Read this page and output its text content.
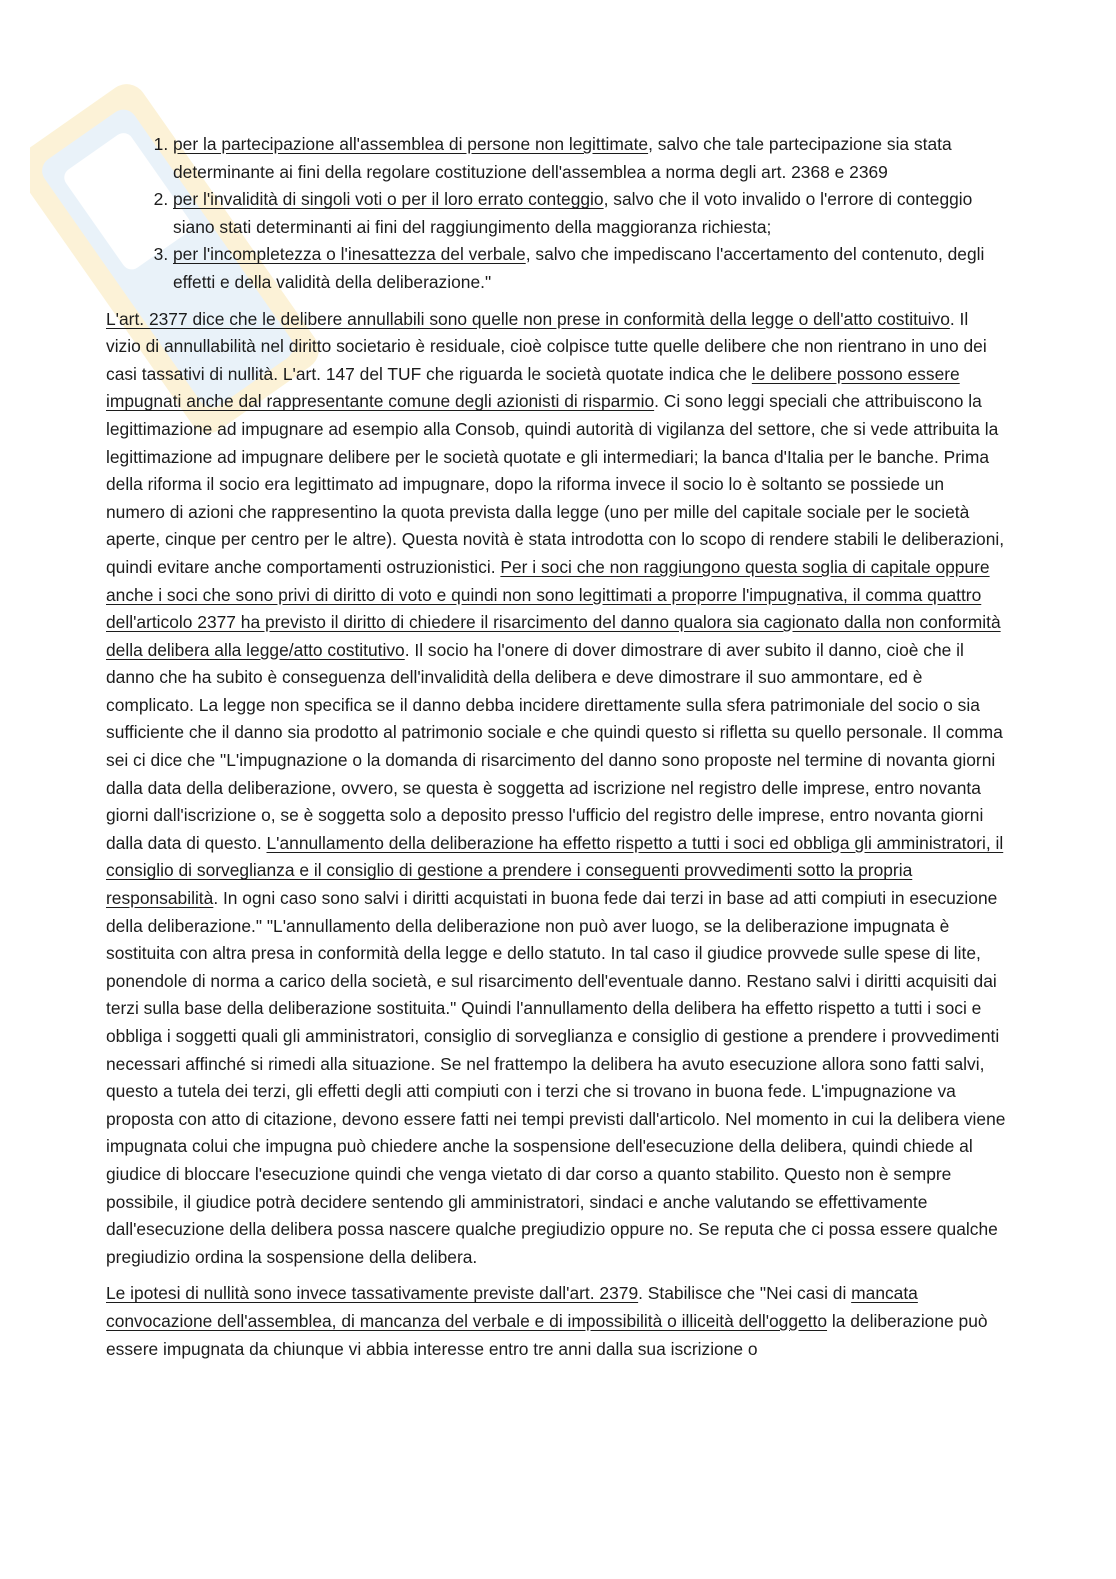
1. per la partecipazione all'assemblea di persone non legittimate, salvo che tale partecipazione sia stata determinante ai fini della regolare costituzione dell'assemblea a norma degli art. 2368 e 2369
2. per l'invalidità di singoli voti o per il loro errato conteggio, salvo che il voto invalido o l'errore di conteggio siano stati determinanti ai fini del raggiungimento della maggioranza richiesta;
3. per l'incompletezza o l'inesattezza del verbale, salvo che impediscano l'accertamento del contenuto, degli effetti e della validità della deliberazione."

L'art. 2377 dice che le delibere annullabili sono quelle non prese in conformità della legge o dell'atto costituivo. Il vizio di annullabilità nel diritto societario è residuale, cioè colpisce tutte quelle delibere che non rientrano in uno dei casi tassativi di nullità. L'art. 147 del TUF che riguarda le società quotate indica che le delibere possono essere impugnati anche dal rappresentante comune degli azionisti di risparmio. Ci sono leggi speciali che attribuiscono la legittimazione ad impugnare ad esempio alla Consob, quindi autorità di vigilanza del settore, che si vede attribuita la legittimazione ad impugnare delibere per le società quotate e gli intermediari; la banca d'Italia per le banche. Prima della riforma il socio era legittimato ad impugnare, dopo la riforma invece il socio lo è soltanto se possiede un numero di azioni che rappresentino la quota prevista dalla legge (uno per mille del capitale sociale per le società aperte, cinque per centro per le altre). Questa novità è stata introdotta con lo scopo di rendere stabili le deliberazioni, quindi evitare anche comportamenti ostruzionistici. Per i soci che non raggiungono questa soglia di capitale oppure anche i soci che sono privi di diritto di voto e quindi non sono legittimati a proporre l'impugnativa, il comma quattro dell'articolo 2377 ha previsto il diritto di chiedere il risarcimento del danno qualora sia cagionato dalla non conformità della delibera alla legge/atto costitutivo. Il socio ha l'onere di dover dimostrare di aver subito il danno, cioè che il danno che ha subito è conseguenza dell'invalidità della delibera e deve dimostrare il suo ammontare, ed è complicato. La legge non specifica se il danno debba incidere direttamente sulla sfera patrimoniale del socio o sia sufficiente che il danno sia prodotto al patrimonio sociale e che quindi questo si rifletta su quello personale. Il comma sei ci dice che "L'impugnazione o la domanda di risarcimento del danno sono proposte nel termine di novanta giorni dalla data della deliberazione, ovvero, se questa è soggetta ad iscrizione nel registro delle imprese, entro novanta giorni dall'iscrizione o, se è soggetta solo a deposito presso l'ufficio del registro delle imprese, entro novanta giorni dalla data di questo. L'annullamento della deliberazione ha effetto rispetto a tutti i soci ed obbliga gli amministratori, il consiglio di sorveglianza e il consiglio di gestione a prendere i conseguenti provvedimenti sotto la propria responsabilità. In ogni caso sono salvi i diritti acquistati in buona fede dai terzi in base ad atti compiuti in esecuzione della deliberazione." "L'annullamento della deliberazione non può aver luogo, se la deliberazione impugnata è sostituita con altra presa in conformità della legge e dello statuto. In tal caso il giudice provvede sulle spese di lite, ponendole di norma a carico della società, e sul risarcimento dell'eventuale danno. Restano salvi i diritti acquisiti dai terzi sulla base della deliberazione sostituita." Quindi l'annullamento della delibera ha effetto rispetto a tutti i soci e obbliga i soggetti quali gli amministratori, consiglio di sorveglianza e consiglio di gestione a prendere i provvedimenti necessari affinché si rimedi alla situazione. Se nel frattempo la delibera ha avuto esecuzione allora sono fatti salvi, questo a tutela dei terzi, gli effetti degli atti compiuti con i terzi che si trovano in buona fede. L'impugnazione va proposta con atto di citazione, devono essere fatti nei tempi previsti dall'articolo. Nel momento in cui la delibera viene impugnata colui che impugna può chiedere anche la sospensione dell'esecuzione della delibera, quindi chiede al giudice di bloccare l'esecuzione quindi che venga vietato di dar corso a quanto stabilito. Questo non è sempre possibile, il giudice potrà decidere sentendo gli amministratori, sindaci e anche valutando se effettivamente dall'esecuzione della delibera possa nascere qualche pregiudizio oppure no. Se reputa che ci possa essere qualche pregiudizio ordina la sospensione della delibera.

Le ipotesi di nullità sono invece tassativamente previste dall'art. 2379. Stabilisce che "Nei casi di mancata convocazione dell'assemblea, di mancanza del verbale e di impossibilità o illiceità dell'oggetto la deliberazione può essere impugnata da chiunque vi abbia interesse entro tre anni dalla sua iscrizione o
